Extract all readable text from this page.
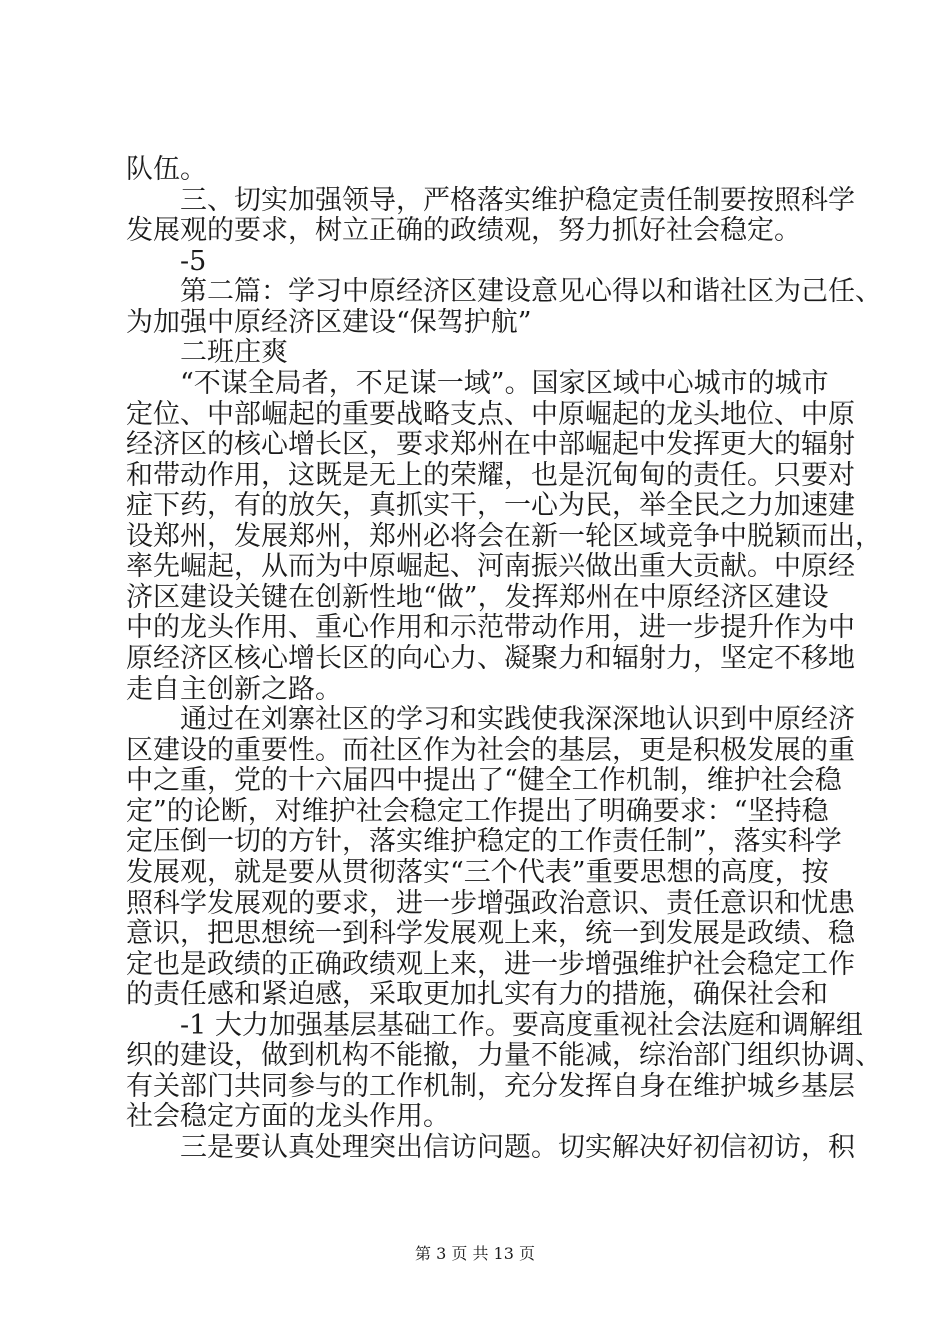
队伍。
三、切实加强领导，严格落实维护稳定责任制要按照科学
发展观的要求，树立正确的政绩观，努力抓好社会稳定。
-5
第二篇：学习中原经济区建设意见心得以和谐社区为己任、
为加强中原经济区建设“保驾护航”
二班庄爽
“不谋全局者，不足谋一域”。国家区域中心城市的城市
定位、中部崛起的重要战略支点、中原崛起的龙头地位、中原
经济区的核心增长区，要求郑州在中部崛起中发挥更大的辐射
和带动作用，这既是无上的荣耀，也是沉甸甸的责任。只要对
症下药，有的放矢，真抓实干，一心为民，举全民之力加速建
设郑州，发展郑州，郑州必将会在新一轮区域竞争中脱颖而出，
率先崛起，从而为中原崛起、河南振兴做出重大贡献。中原经
济区建设关键在创新性地“做”，发挥郑州在中原经济区建设
中的龙头作用、重心作用和示范带动作用，进一步提升作为中
原经济区核心增长区的向心力、凝聚力和辐射力，坚定不移地
走自主创新之路。
通过在刘寨社区的学习和实践使我深深地认识到中原经济
区建设的重要性。而社区作为社会的基层，更是积极发展的重
中之重，党的十六届四中提出了“健全工作机制，维护社会稳
定”的论断，对维护社会稳定工作提出了明确要求：“坚持稳
定压倒一切的方针，落实维护稳定的工作责任制”，落实科学
发展观，就是要从贯彻落实“三个代表”重要思想的高度，按
照科学发展观的要求，进一步增强政治意识、责任意识和忧患
意识，把思想统一到科学发展观上来，统一到发展是政绩、稳
定也是政绩的正确政绩观上来，进一步增强维护社会稳定工作
的责任感和紧迫感，采取更加扎实有力的措施，确保社会和
-1 大力加强基层基础工作。要高度重视社会法庭和调解组
织的建设，做到机构不能撤，力量不能减，综治部门组织协调、
有关部门共同参与的工作机制，充分发挥自身在维护城乡基层
社会稳定方面的龙头作用。
三是要认真处理突出信访问题。切实解决好初信初访，积
第 3 页 共 13 页
